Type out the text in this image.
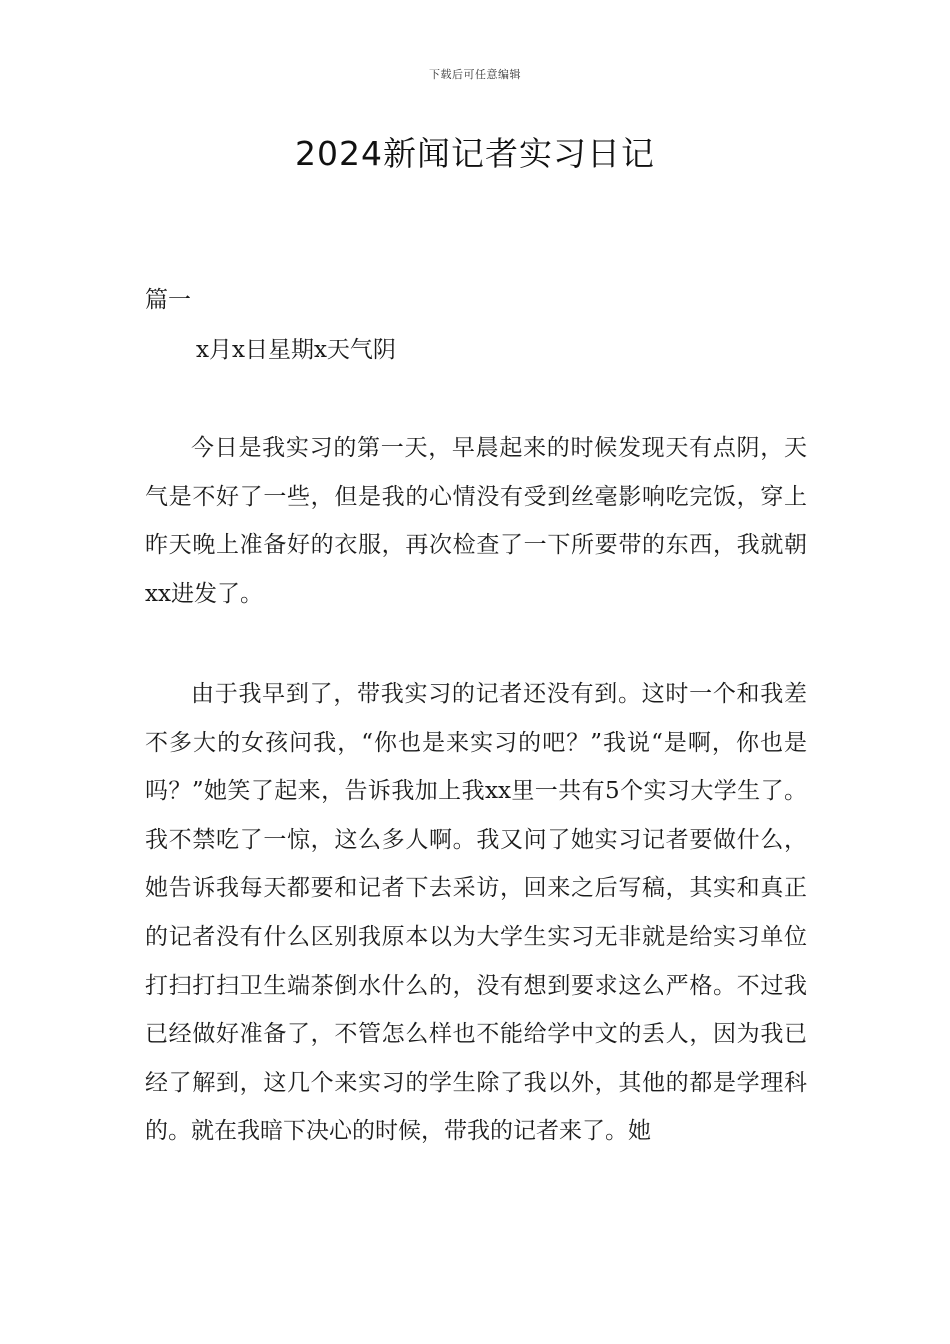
下载后可任意编辑
2024新闻记者实习日记
篇一
x月x日星期x天气阴

今日是我实习的第一天，早晨起来的时候发现天有点阴，天气是不好了一些，但是我的心情没有受到丝毫影响吃完饭，穿上昨天晚上准备好的衣服，再次检查了一下所要带的东西，我就朝xx进发了。

由于我早到了，带我实习的记者还没有到。这时一个和我差不多大的女孩问我，“你也是来实习的吧？”我说“是啊，你也是吗？”她笑了起来，告诉我加上我xx里一共有5个实习大学生了。我不禁吃了一惊，这么多人啊。我又问了她实习记者要做什么，她告诉我每天都要和记者下去采访，回来之后写稿，其实和真正的记者没有什么区别我原本以为大学生实习无非就是给实习单位打扫打扫卫生端茶倒水什么的，没有想到要求这么严格。不过我已经做好准备了，不管怎么样也不能给学中文的丢人，因为我已经了解到，这几个来实习的学生除了我以外，其他的都是学理科的。就在我暗下决心的时候，带我的记者来了。她
